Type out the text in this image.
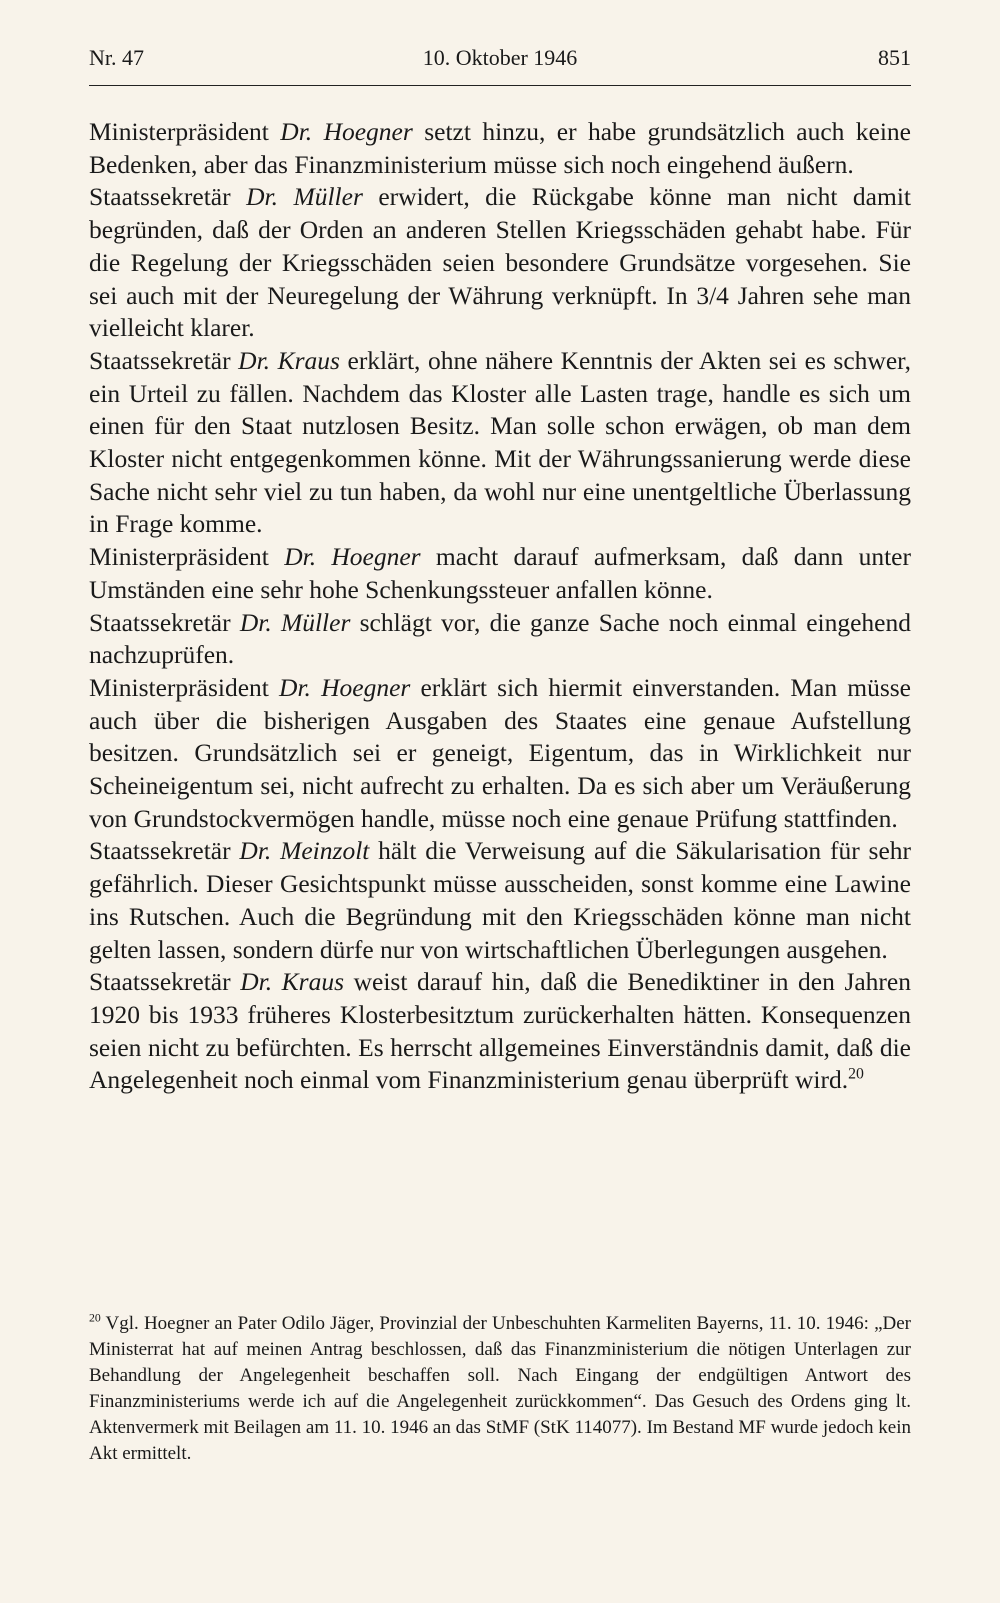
Nr. 47	10. Oktober 1946	851

Ministerpräsident Dr. Hoegner setzt hinzu, er habe grundsätzlich auch keine Bedenken, aber das Finanzministerium müsse sich noch eingehend äußern.

Staatssekretär Dr. Müller erwidert, die Rückgabe könne man nicht damit begründen, daß der Orden an anderen Stellen Kriegsschäden gehabt habe. Für die Regelung der Kriegsschäden seien besondere Grundsätze vorgesehen. Sie sei auch mit der Neuregelung der Währung verknüpft. In 3/4 Jahren sehe man vielleicht klarer.

Staatssekretär Dr. Kraus erklärt, ohne nähere Kenntnis der Akten sei es schwer, ein Urteil zu fällen. Nachdem das Kloster alle Lasten trage, handle es sich um einen für den Staat nutzlosen Besitz. Man solle schon erwägen, ob man dem Kloster nicht entgegenkommen könne. Mit der Währungssanierung werde diese Sache nicht sehr viel zu tun haben, da wohl nur eine unentgeltliche Überlassung in Frage komme.

Ministerpräsident Dr. Hoegner macht darauf aufmerksam, daß dann unter Umständen eine sehr hohe Schenkungssteuer anfallen könne.

Staatssekretär Dr. Müller schlägt vor, die ganze Sache noch einmal eingehend nachzuprüfen.

Ministerpräsident Dr. Hoegner erklärt sich hiermit einverstanden. Man müsse auch über die bisherigen Ausgaben des Staates eine genaue Aufstellung besitzen. Grundsätzlich sei er geneigt, Eigentum, das in Wirklichkeit nur Scheineigentum sei, nicht aufrecht zu erhalten. Da es sich aber um Veräußerung von Grundstockvermögen handle, müsse noch eine genaue Prüfung stattfinden.

Staatssekretär Dr. Meinzolt hält die Verweisung auf die Säkularisation für sehr gefährlich. Dieser Gesichtspunkt müsse ausscheiden, sonst komme eine Lawine ins Rutschen. Auch die Begründung mit den Kriegsschäden könne man nicht gelten lassen, sondern dürfe nur von wirtschaftlichen Überlegungen ausgehen.

Staatssekretär Dr. Kraus weist darauf hin, daß die Benediktiner in den Jahren 1920 bis 1933 früheres Klosterbesitztum zurückerhalten hätten. Konsequenzen seien nicht zu befürchten. Es herrscht allgemeines Einverständnis damit, daß die Angelegenheit noch einmal vom Finanzministerium genau überprüft wird.$^{20}$

$^{20}$ Vgl. Hoegner an Pater Odilo Jäger, Provinzial der Unbeschuhten Karmeliten Bayerns, 11. 10. 1946: „Der Ministerrat hat auf meinen Antrag beschlossen, daß das Finanzministerium die nötigen Unterlagen zur Behandlung der Angelegenheit beschaffen soll. Nach Eingang der endgültigen Antwort des Finanzministeriums werde ich auf die Angelegenheit zurückkommen“. Das Gesuch des Ordens ging lt. Aktenvermerk mit Beilagen am 11. 10. 1946 an das StMF (StK 114077). Im Bestand MF wurde jedoch kein Akt ermittelt.
